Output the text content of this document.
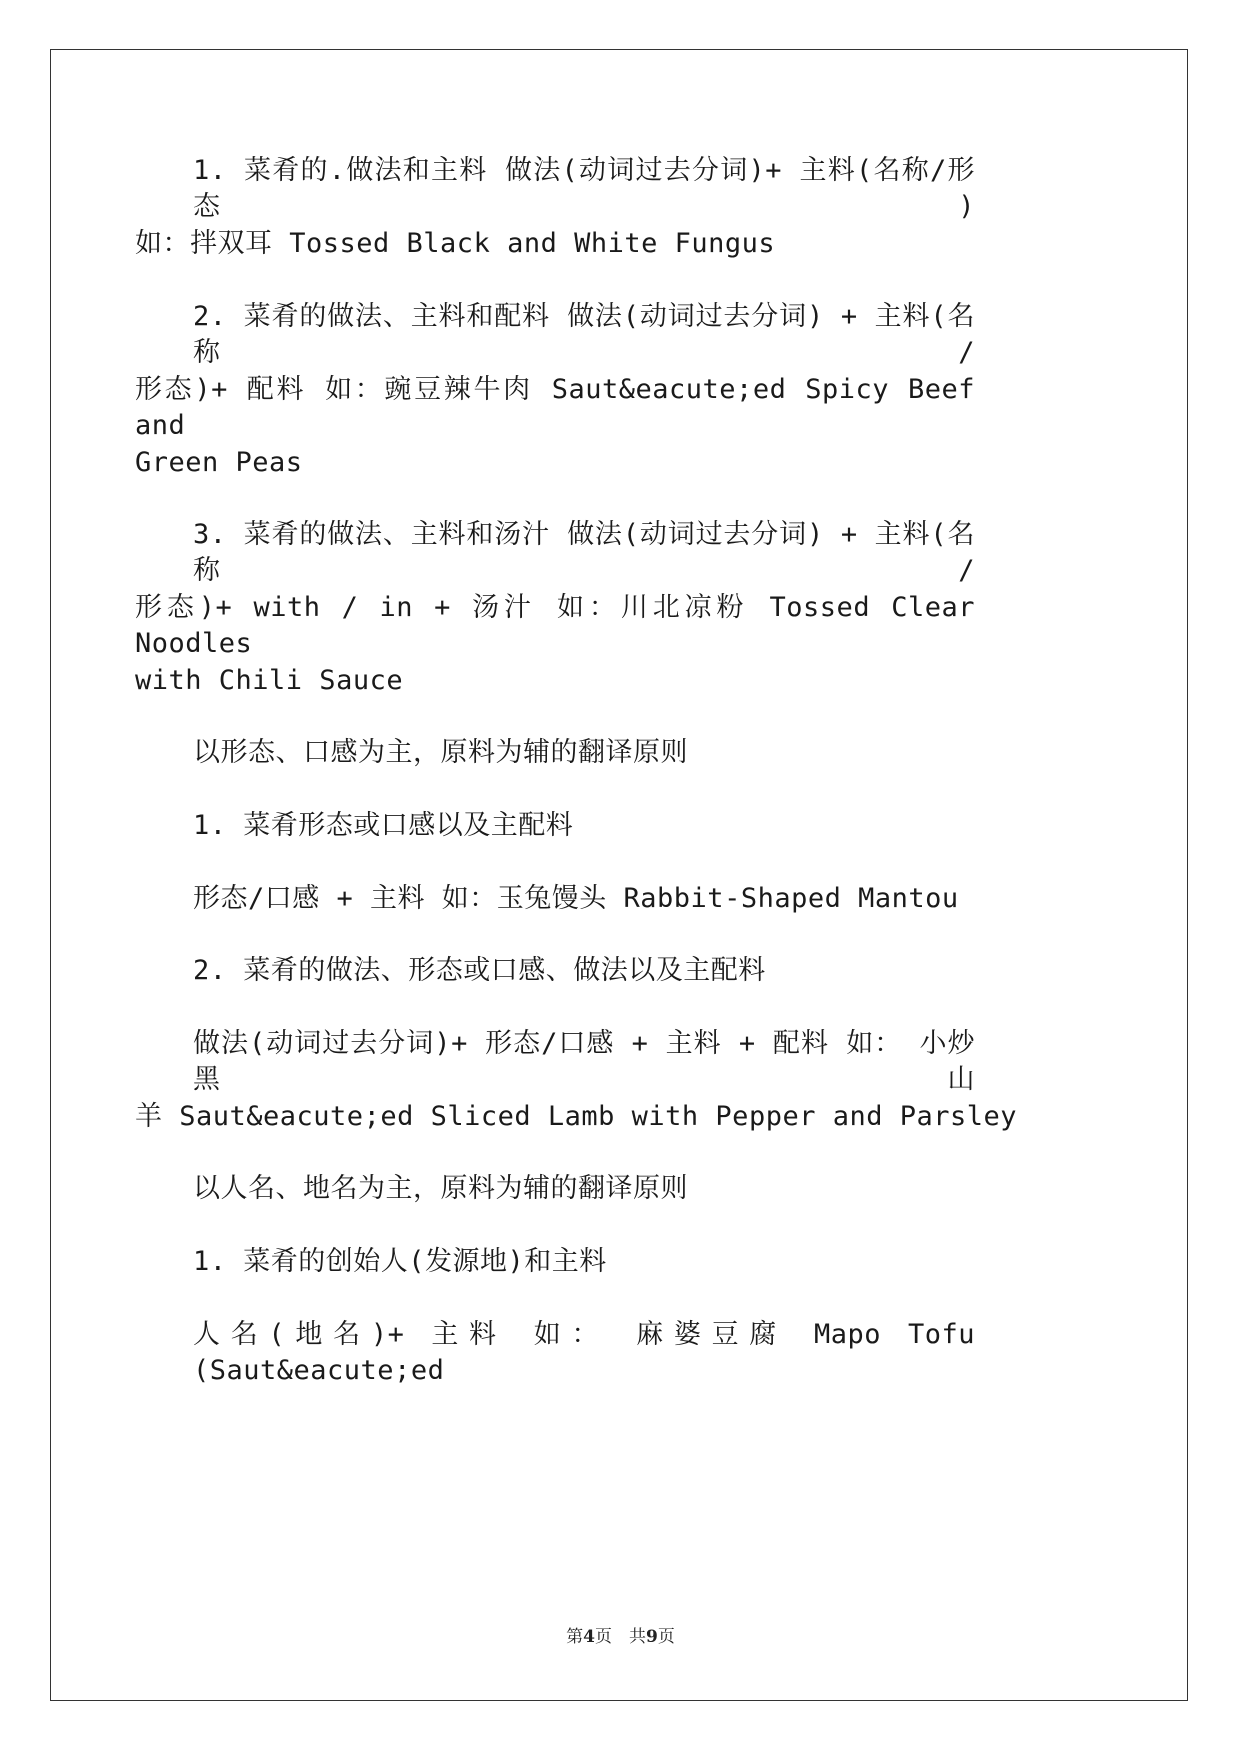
1. 菜肴的.做法和主料 做法(动词过去分词)+ 主料(名称/形态)
如：拌双耳 Tossed Black and White Fungus
2. 菜肴的做法、主料和配料 做法(动词过去分词) + 主料(名称/
形态)+ 配料 如：豌豆辣牛肉 Saut&eacute;ed Spicy Beef and
Green Peas
3. 菜肴的做法、主料和汤汁 做法(动词过去分词) + 主料(名称/
形态)+ with / in + 汤汁 如：川北凉粉 Tossed Clear Noodles
with Chili Sauce
以形态、口感为主，原料为辅的翻译原则
1. 菜肴形态或口感以及主配料
形态/口感 + 主料 如：玉兔馒头 Rabbit-Shaped Mantou
2. 菜肴的做法、形态或口感、做法以及主配料
做法(动词过去分词)+ 形态/口感 + 主料 + 配料 如： 小炒黑山
羊 Saut&eacute;ed Sliced Lamb with Pepper and Parsley
以人名、地名为主，原料为辅的翻译原则
1. 菜肴的创始人(发源地)和主料
人名(地名)+ 主料 如： 麻婆豆腐 Mapo Tofu (Saut&eacute;ed
第4页　共9页
